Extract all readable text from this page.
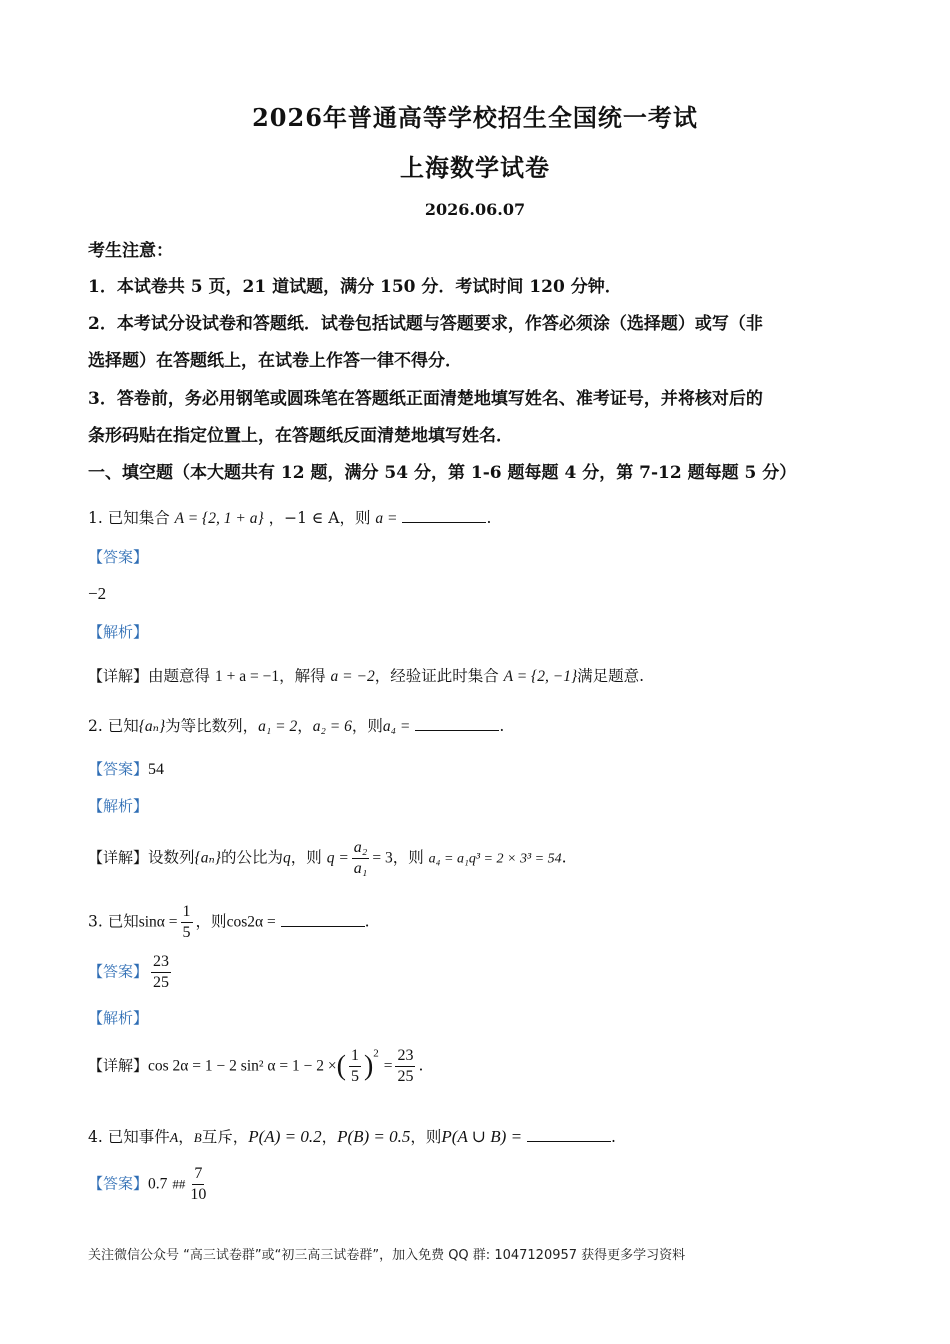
2026年普通高等学校招生全国统一考试
上海数学试卷
2026.06.07
考生注意：
1．本试卷共 5 页，21 道试题，满分 150 分．考试时间 120 分钟．
2．本考试分设试卷和答题纸．试卷包括试题与答题要求，作答必须涂（选择题）或写（非
选择题）在答题纸上，在试卷上作答一律不得分．
3．答卷前，务必用钢笔或圆珠笔在答题纸正面清楚地填写姓名、准考证号，并将核对后的
条形码贴在指定位置上，在答题纸反面清楚地填写姓名．
一、填空题（本大题共有 12 题，满分 54 分，第 1-6 题每题 4 分，第 7-12 题每题 5 分）
1. 已知集合 A = {2, 1 + a} ，−1 ∈ A，则 a =	.
【答案】
−2
【解析】
【详解】由题意得 1 + a = −1，解得 a = −2，经验证此时集合 A = {2, −1}满足题意.
2. 已知{aₙ}为等比数列，a₁ = 2，a₂ = 6，则a₄ =	.
【答案】54
【解析】
【详解】设数列{aₙ}的公比为q，则 $q = \frac{\text{a₂}}{\text{a₁}} = 3$，则 a₄ = a₁q³ = 2 × 3³ = 54.
3. 已知$\sin\alpha = \frac{1}{5}$ ，则cos2α =	.
【答案】 $\frac{23}{25}$
【解析】
【详解】cos 2α = 1 − 2 sin² α = 1 − 2 ×( $\frac{1}{5} )^2 = \frac{23}{25}$ .
4. 已知事件A，B互斥，P(A) = 0.2，P(B) = 0.5，则P(A ∪ B) =	.
【答案】0.7 ## $\frac{7}{10}$
关注微信公众号 “高三试卷群”或“初三高三试卷群”，加入免费 QQ 群: 1047120957 获得更多学习资料
